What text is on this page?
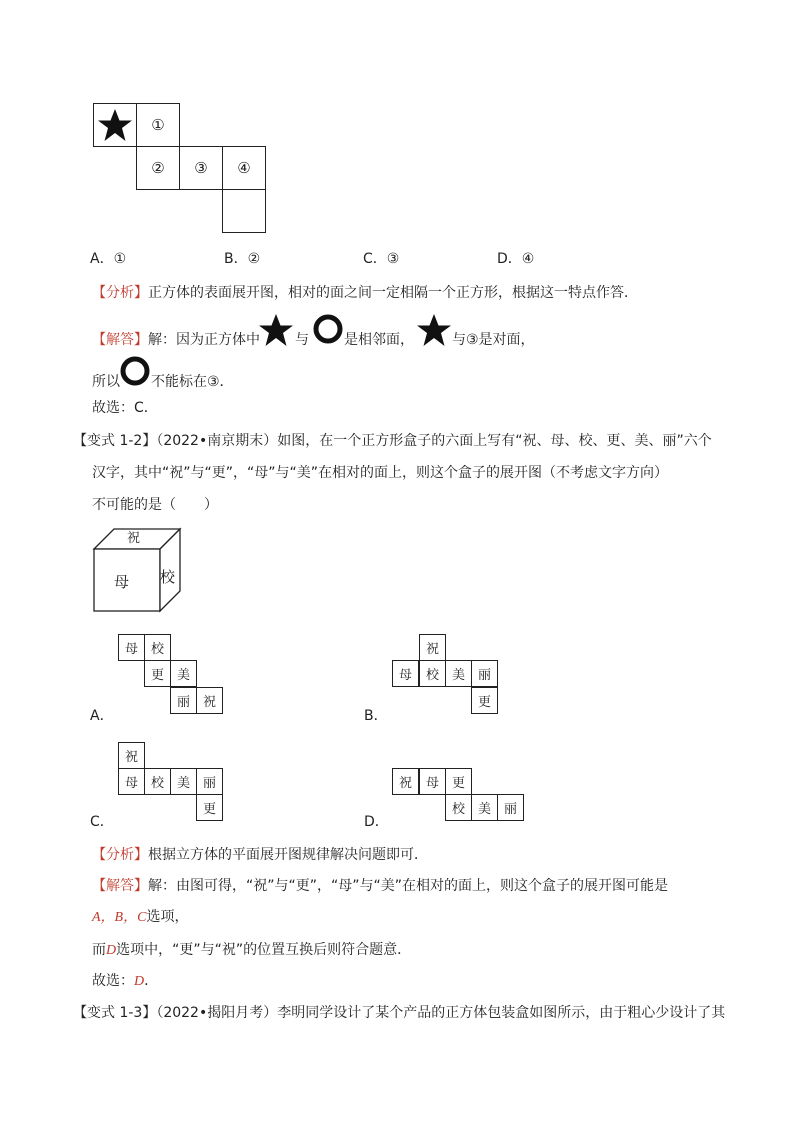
①
②	③	④
A．①	B．②	C．③	D．④
【分析】正方体的表面展开图，相对的面之间一定相隔一个正方形，根据这一特点作答．
【解答】解：因为正方体中	与	是相邻面，	与③是对面，
所以 不能标在③．
故选：C．
【变式 1-2】（2022•南京期末）如图，在一个正方形盒子的六面上写有“祝、母、校、更、美、丽”六个
汉字，其中“祝”与“更”，“母”与“美”在相对的面上，则这个盒子的展开图（不考虑文字方向）
不可能的是（　　）
祝
母 校
母 校
更 美
丽 祝
A．
祝
母	校 美 丽
更
B．
祝
母 校 美 丽
更
C．
祝	母 更
校 美 丽
D．
【分析】根据立方体的平面展开图规律解决问题即可．
【解答】解：由图可得，“祝”与“更”，“母”与“美”在相对的面上，则这个盒子的展开图可能是
A，B，C选项，
而D选项中，“更”与“祝”的位置互换后则符合题意．
故选：D．
【变式 1-3】（2022•揭阳月考）李明同学设计了某个产品的正方体包装盒如图所示，由于粗心少设计了其
